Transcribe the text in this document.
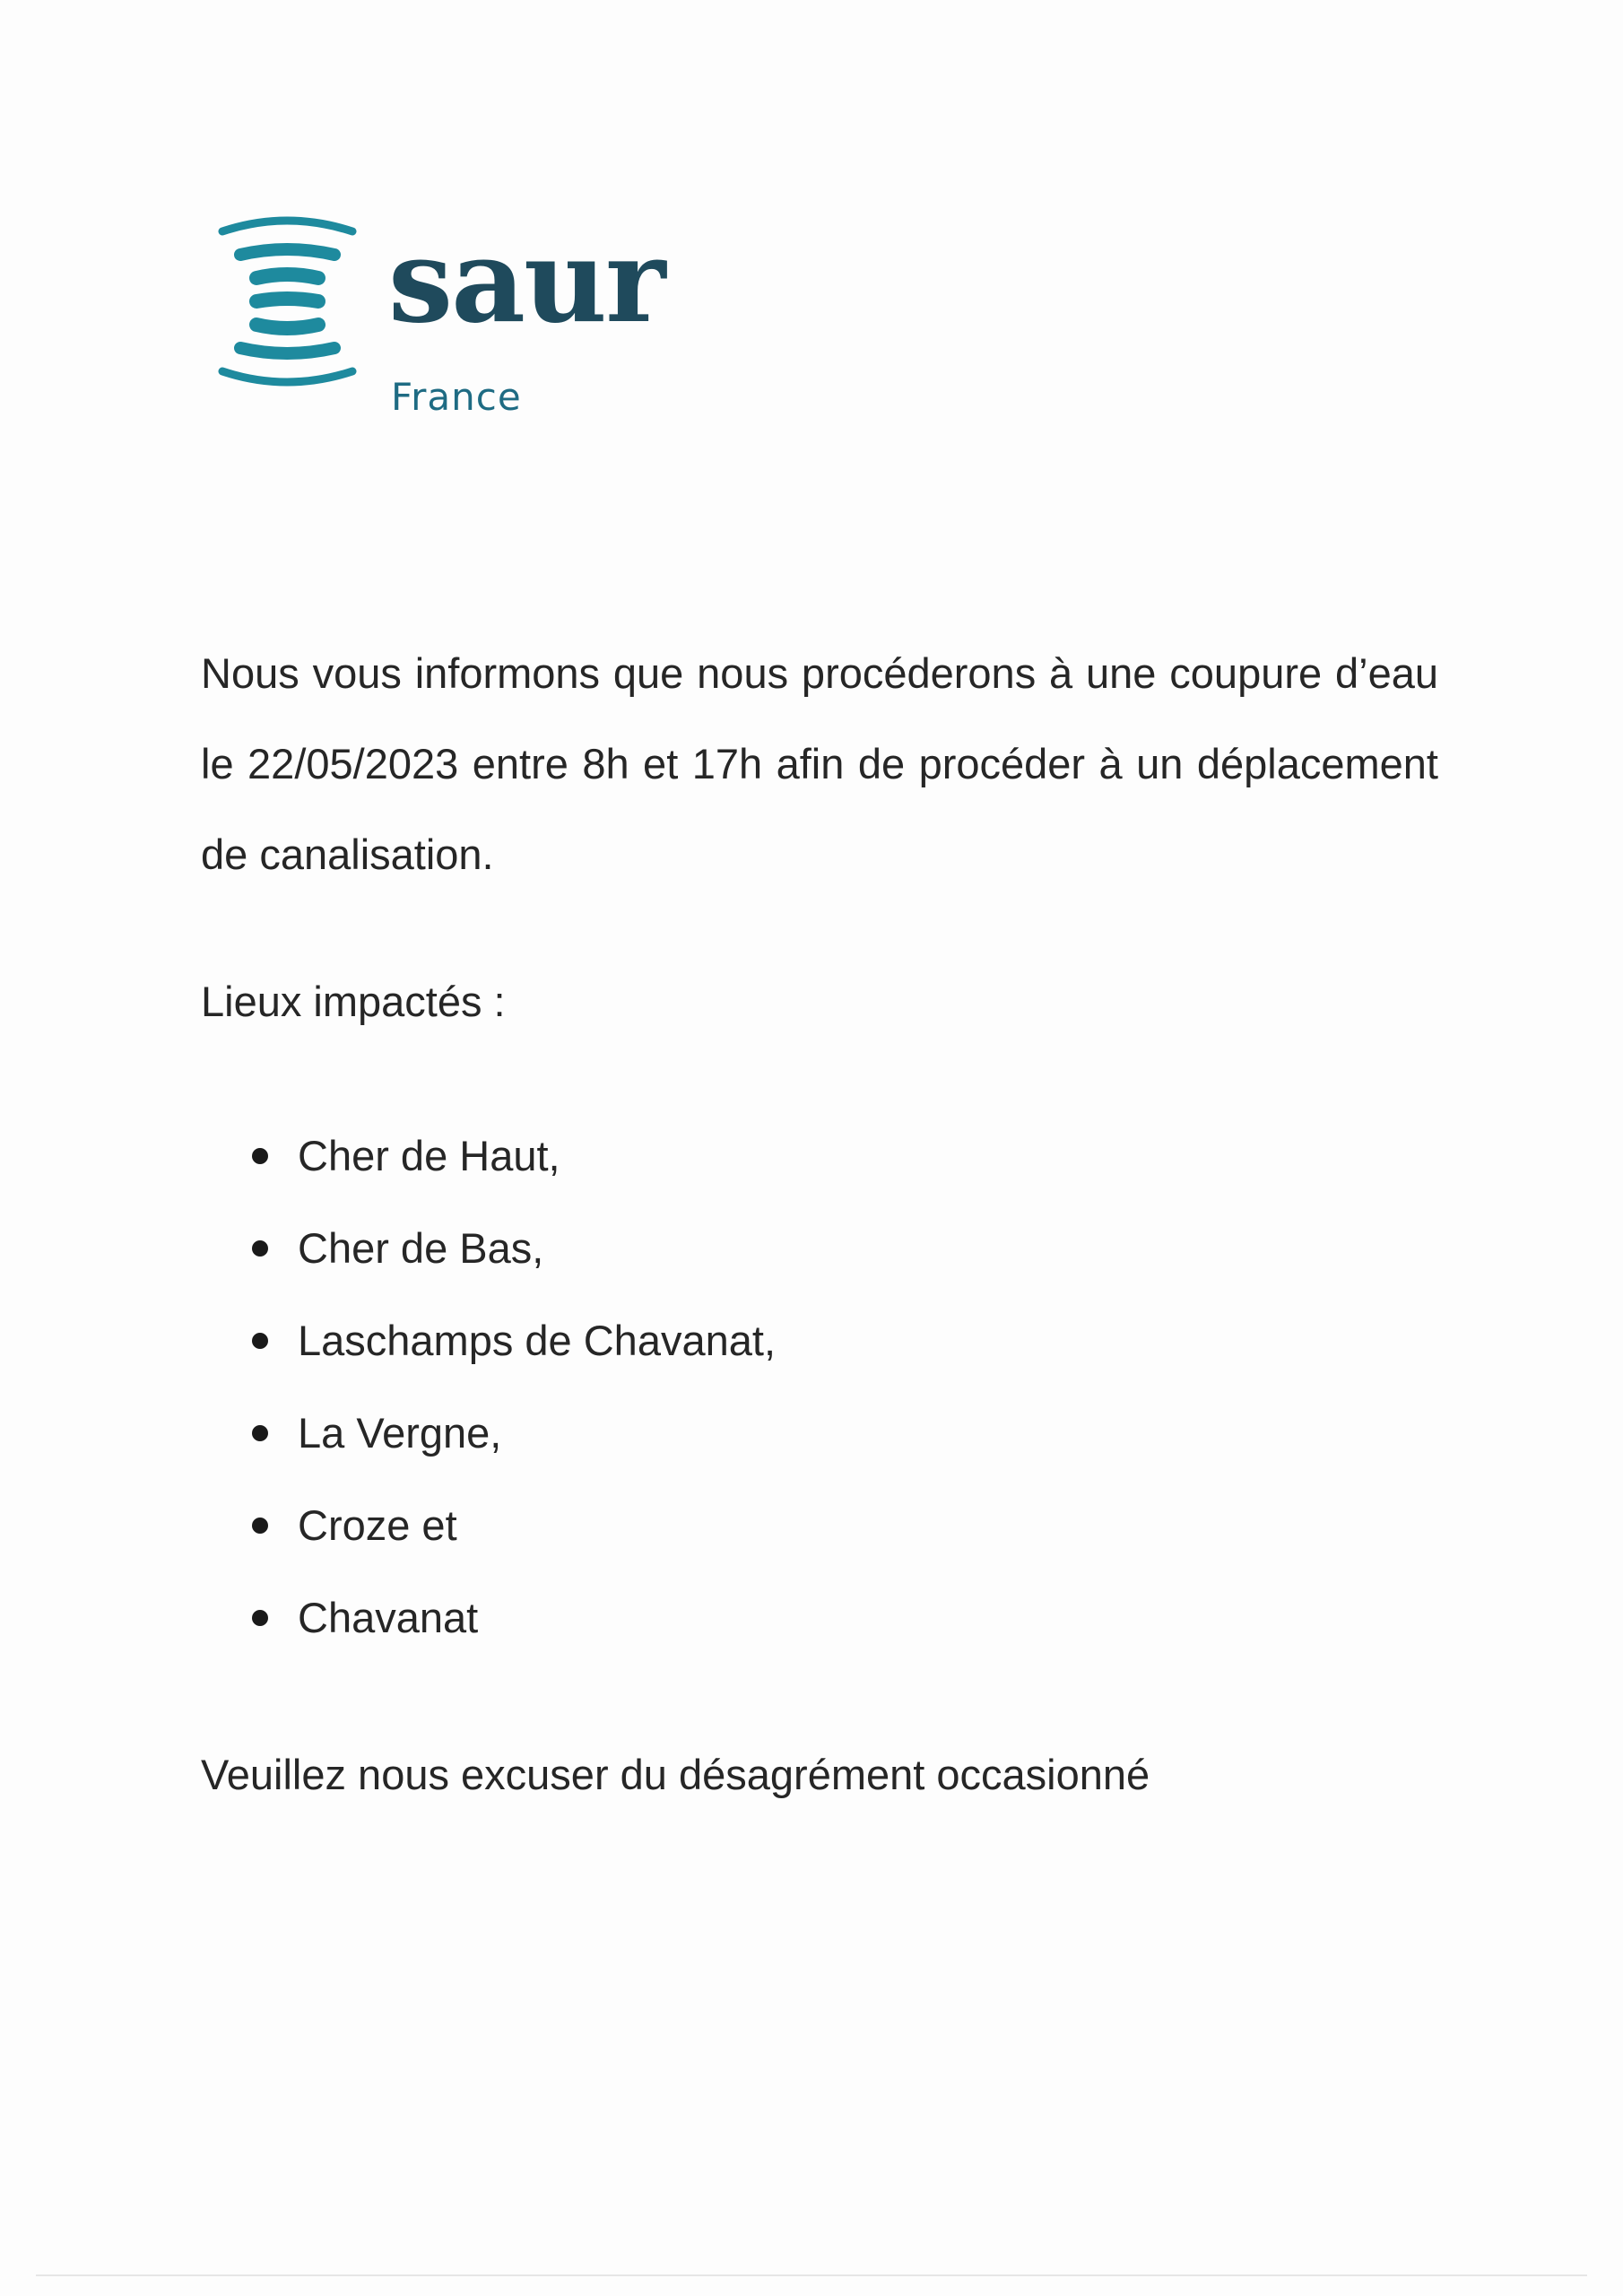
saur
France

Nous vous informons que nous procéderons à une coupure d’eau le 22/05/2023 entre 8h et 17h afin de procéder à un déplacement de canalisation.

Lieux impactés :

Cher de Haut,
Cher de Bas,
Laschamps de Chavanat,
La Vergne,
Croze et
Chavanat

Veuillez nous excuser du désagrément occasionné
